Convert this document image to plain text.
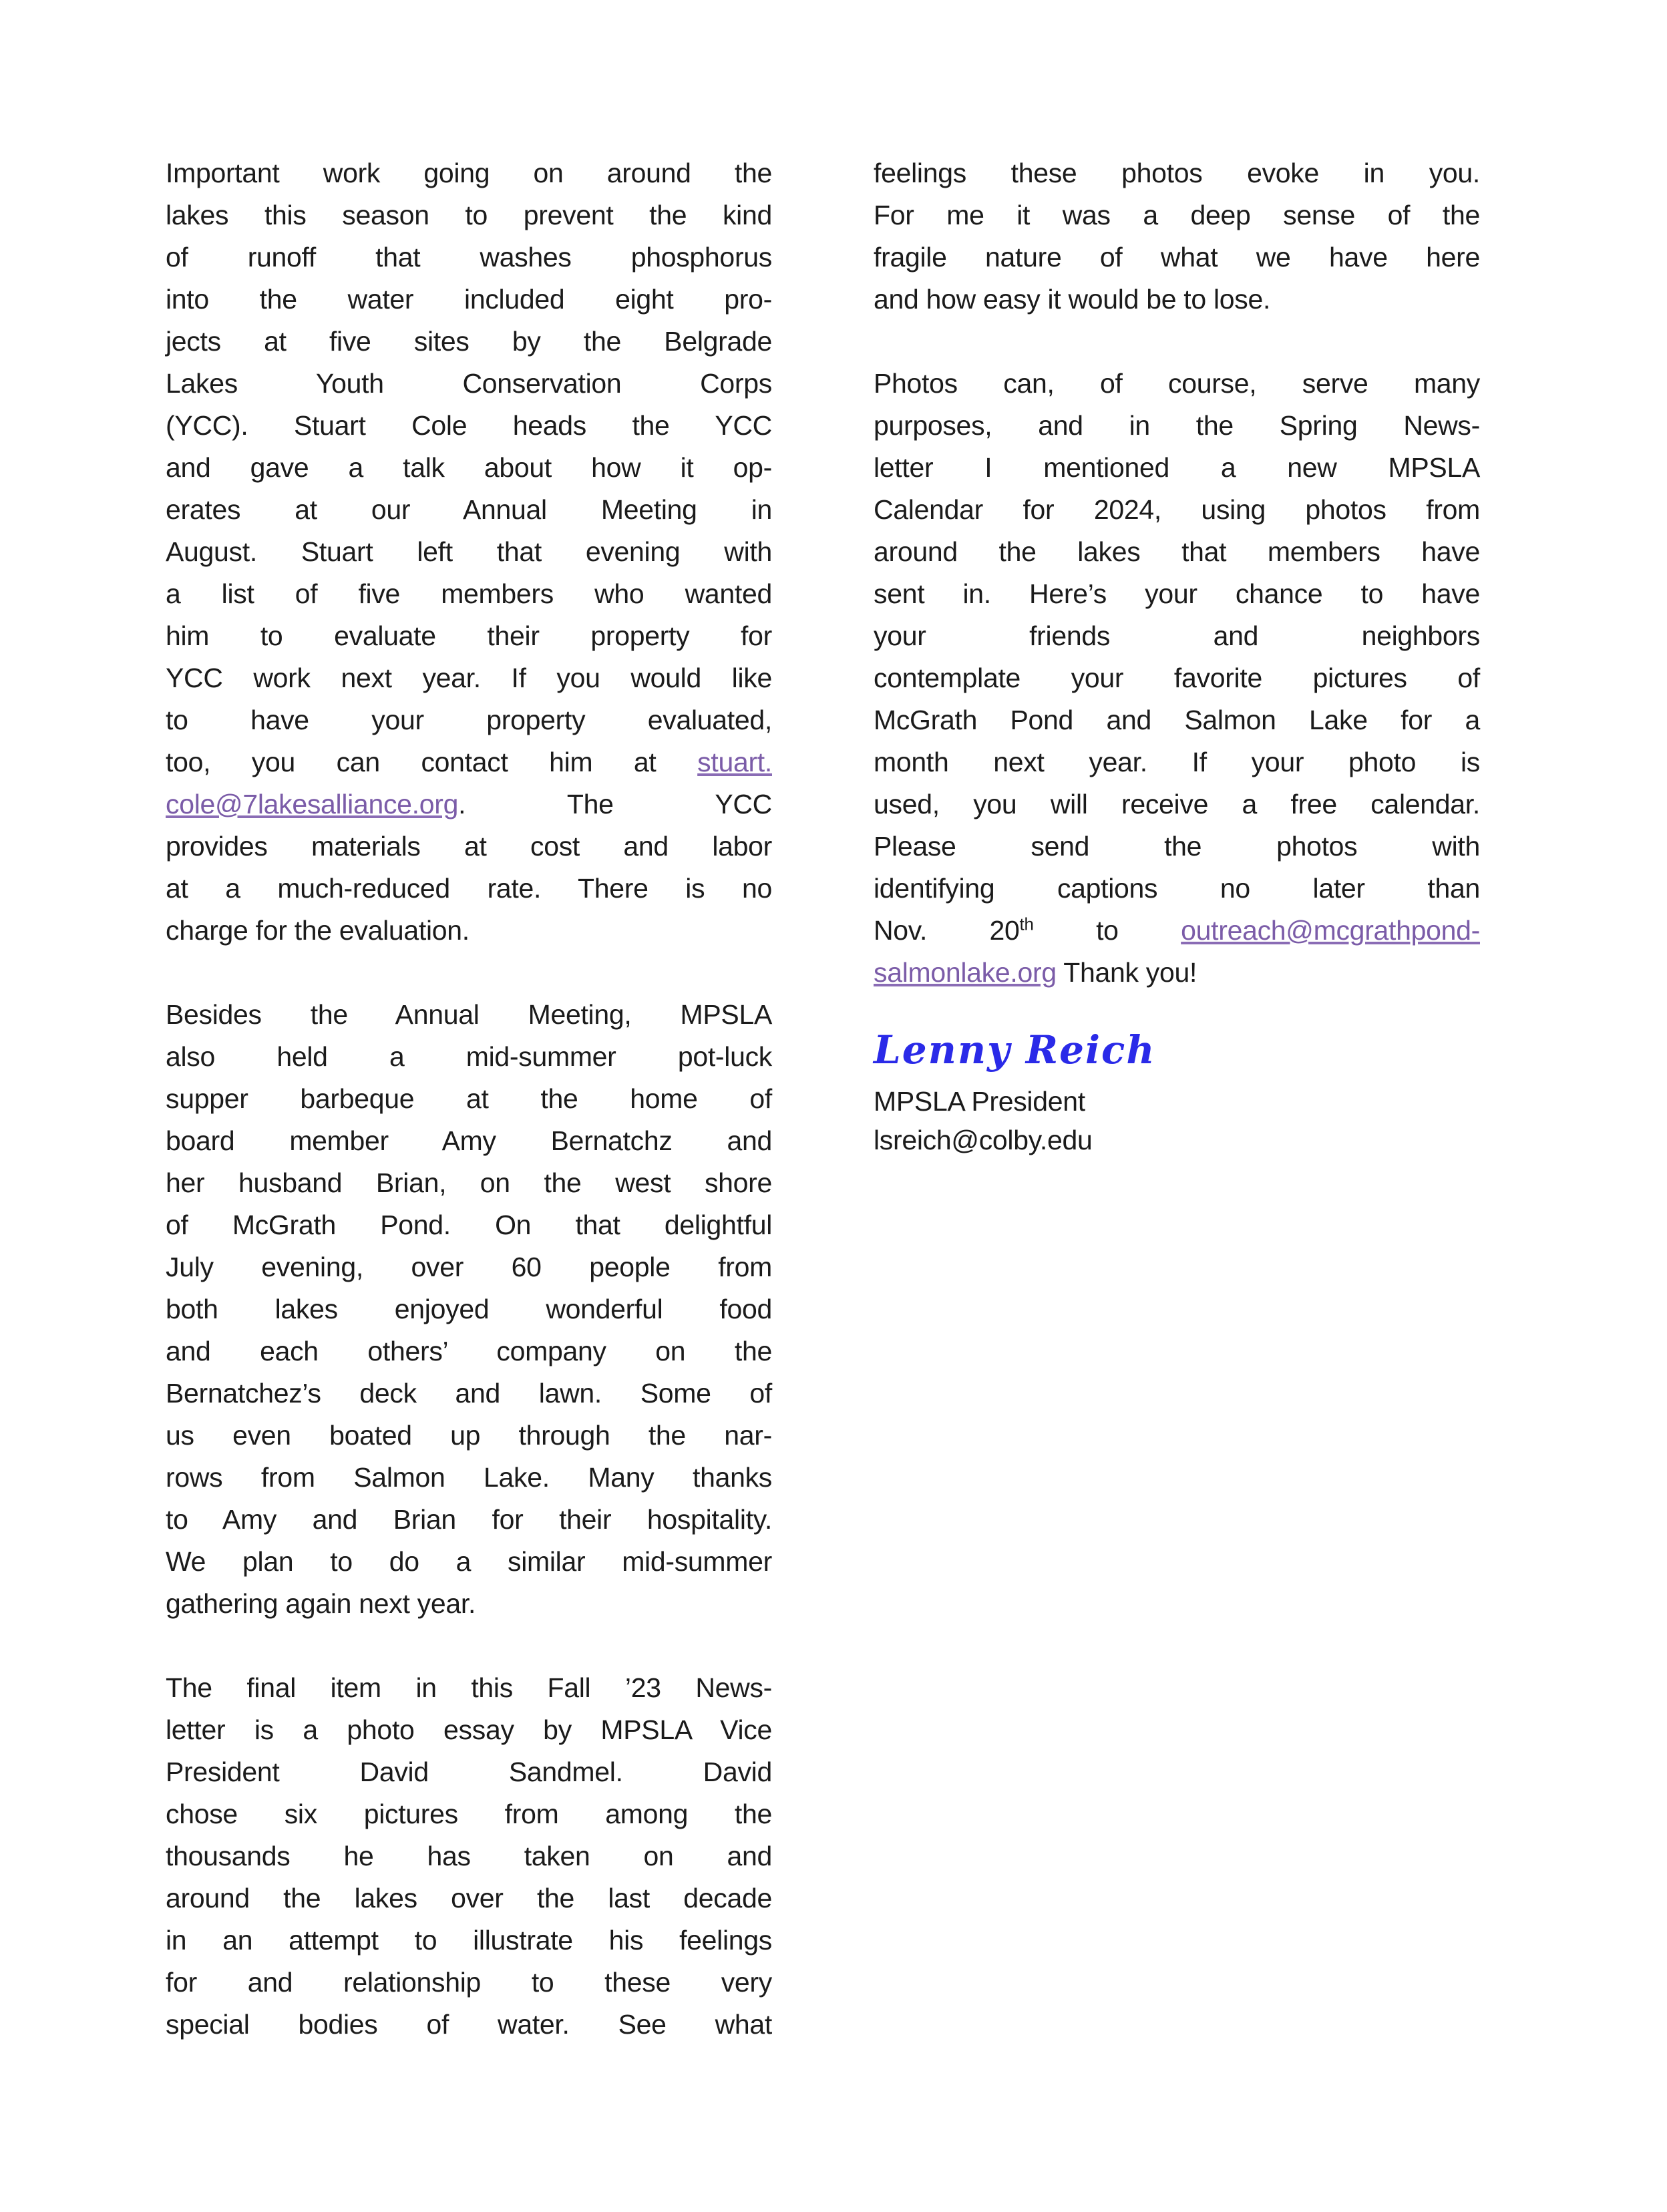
Important work going on around the
lakes this season to prevent the kind
of runoff that washes phosphorus
into the water included eight pro-
jects at five sites by the Belgrade
Lakes Youth Conservation Corps
(YCC). Stuart Cole heads the YCC
and gave a talk about how it op-
erates at our Annual Meeting in
August. Stuart left that evening with
a list of five members who wanted
him to evaluate their property for
YCC work next year. If you would like
to have your property evaluated,
too, you can contact him at stuart.
cole@7lakesalliance.org. The YCC
provides materials at cost and labor
at a much-reduced rate. There is no
charge for the evaluation.
Besides the Annual Meeting, MPSLA
also held a mid-summer pot-luck
supper barbeque at the home of
board member Amy Bernatchz and
her husband Brian, on the west shore
of McGrath Pond. On that delightful
July evening, over 60 people from
both lakes enjoyed wonderful food
and each others’ company on the
Bernatchez’s deck and lawn. Some of
us even boated up through the nar-
rows from Salmon Lake. Many thanks
to Amy and Brian for their hospitality.
We plan to do a similar mid-summer
gathering again next year.
The final item in this Fall ’23 News-
letter is a photo essay by MPSLA Vice
President David Sandmel. David
chose six pictures from among the
thousands he has taken on and
around the lakes over the last decade
in an attempt to illustrate his feelings
for and relationship to these very
special bodies of water. See what
feelings these photos evoke in you.
For me it was a deep sense of the
fragile nature of what we have here
and how easy it would be to lose.
Photos can, of course, serve many
purposes, and in the Spring News-
letter I mentioned a new MPSLA
Calendar for 2024, using photos from
around the lakes that members have
sent in. Here’s your chance to have
your friends and neighbors
contemplate your favorite pictures of
McGrath Pond and Salmon Lake for a
month next year. If your photo is
used, you will receive a free calendar.
Please send the photos with
identifying captions no later than
Nov. 20th to outreach@mcgrathpond-
salmonlake.org Thank you!
Lenny Reich
MPSLA President
lsreich@colby.edu
